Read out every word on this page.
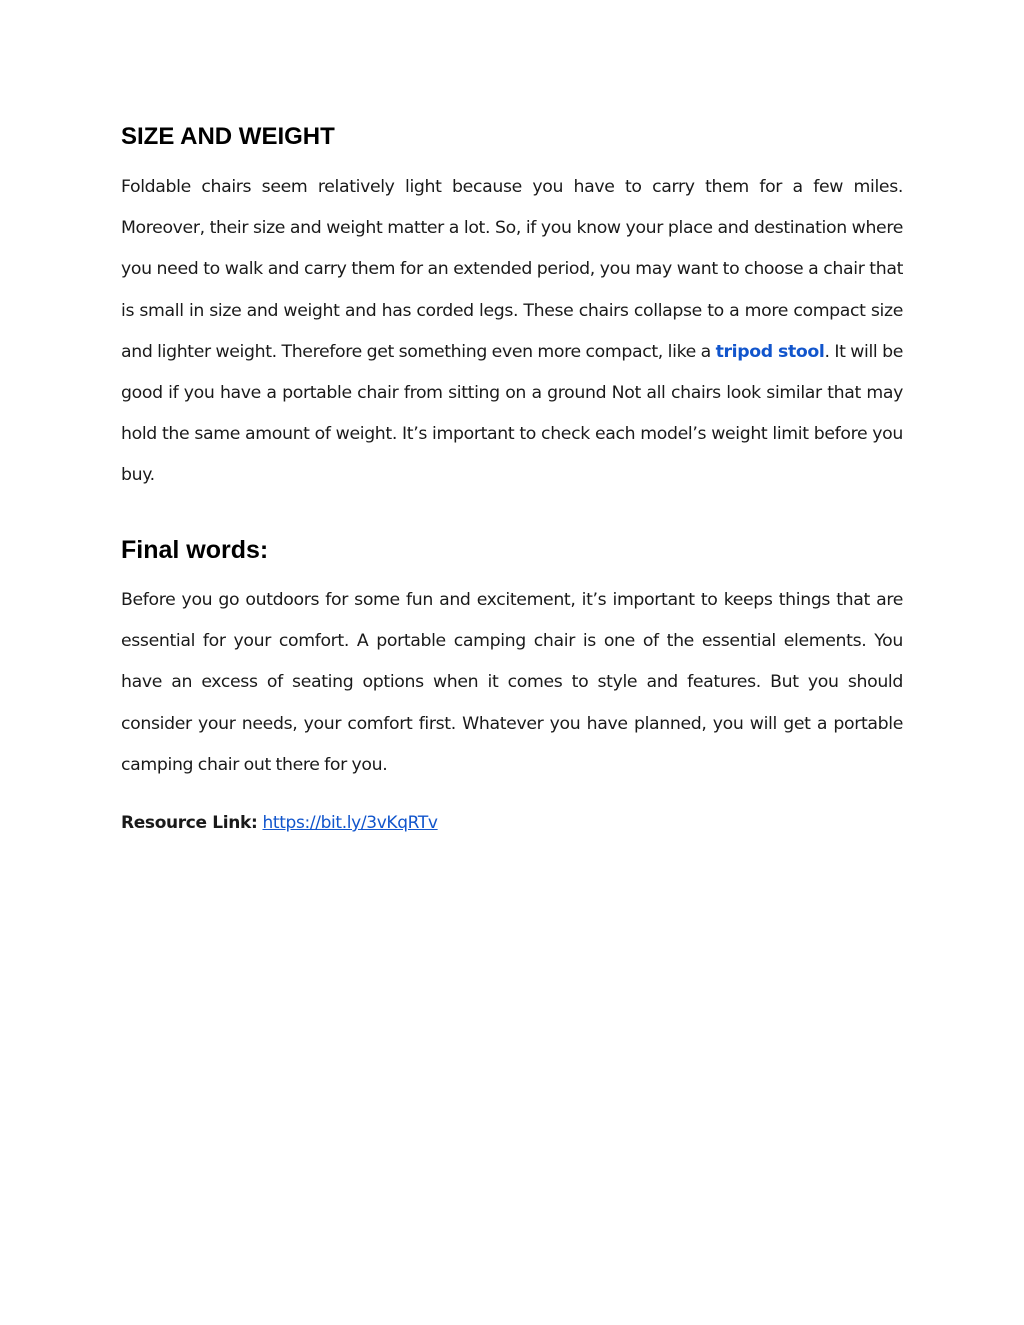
SIZE AND WEIGHT

Foldable chairs seem relatively light because you have to carry them for a few miles. Moreover, their size and weight matter a lot. So, if you know your place and destination where you need to walk and carry them for an extended period, you may want to choose a chair that is small in size and weight and has corded legs. These chairs collapse to a more compact size and lighter weight. Therefore get something even more compact, like a tripod stool. It will be good if you have a portable chair from sitting on a ground Not all chairs look similar that may hold the same amount of weight. It’s important to check each model’s weight limit before you buy.

Final words:

Before you go outdoors for some fun and excitement, it’s important to keeps things that are essential for your comfort. A portable camping chair is one of the essential elements. You have an excess of seating options when it comes to style and features. But you should consider your needs, your comfort first. Whatever you have planned, you will get a portable camping chair out there for you.

Resource Link: https://bit.ly/3vKqRTv
